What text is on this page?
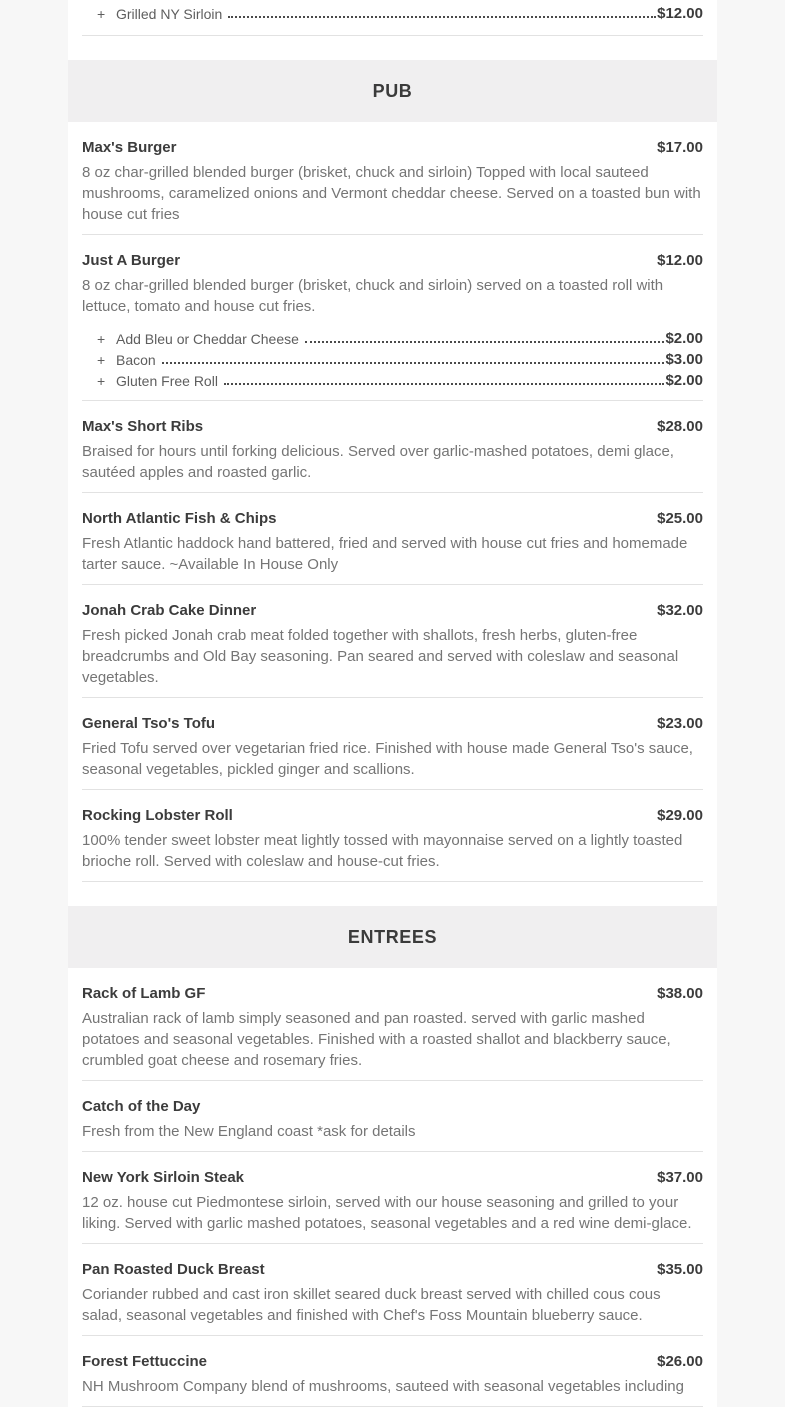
+ Grilled NY Sirloin	$12.00
PUB
Max's Burger	$17.00

8 oz char-grilled blended burger (brisket, chuck and sirloin) Topped with local sauteed mushrooms, caramelized onions and Vermont cheddar cheese. Served on a toasted bun with house cut fries

Just A Burger	$12.00

8 oz char-grilled blended burger (brisket, chuck and sirloin) served on a toasted roll with lettuce, tomato and house cut fries.

+ Add Bleu or Cheddar Cheese	$2.00
+ Bacon	$3.00
+ Gluten Free Roll	$2.00
Max's Short Ribs	$28.00

Braised for hours until forking delicious. Served over garlic-mashed potatoes, demi glace, sautéed apples and roasted garlic.

North Atlantic Fish & Chips	$25.00

Fresh Atlantic haddock hand battered, fried and served with house cut fries and homemade tarter sauce. ~Available In House Only

Jonah Crab Cake Dinner	$32.00

Fresh picked Jonah crab meat folded together with shallots, fresh herbs, gluten-free breadcrumbs and Old Bay seasoning. Pan seared and served with coleslaw and seasonal vegetables.

General Tso's Tofu	$23.00

Fried Tofu served over vegetarian fried rice. Finished with house made General Tso's sauce, seasonal vegetables, pickled ginger and scallions.

Rocking Lobster Roll	$29.00

100% tender sweet lobster meat lightly tossed with mayonnaise served on a lightly toasted brioche roll. Served with coleslaw and house-cut fries.

ENTREES
Rack of Lamb GF	$38.00

Australian rack of lamb simply seasoned and pan roasted. served with garlic mashed potatoes and seasonal vegetables. Finished with a roasted shallot and blackberry sauce, crumbled goat cheese and rosemary fries.

Catch of the Day

Fresh from the New England coast *ask for details

New York Sirloin Steak	$37.00

12 oz. house cut Piedmontese sirloin, served with our house seasoning and grilled to your liking. Served with garlic mashed potatoes, seasonal vegetables and a red wine demi-glace.

Pan Roasted Duck Breast	$35.00

Coriander rubbed and cast iron skillet seared duck breast served with chilled cous cous salad, seasonal vegetables and finished with Chef's Foss Mountain blueberry sauce.

Forest Fettuccine	$26.00

NH Mushroom Company blend of mushrooms, sauteed with seasonal vegetables including
